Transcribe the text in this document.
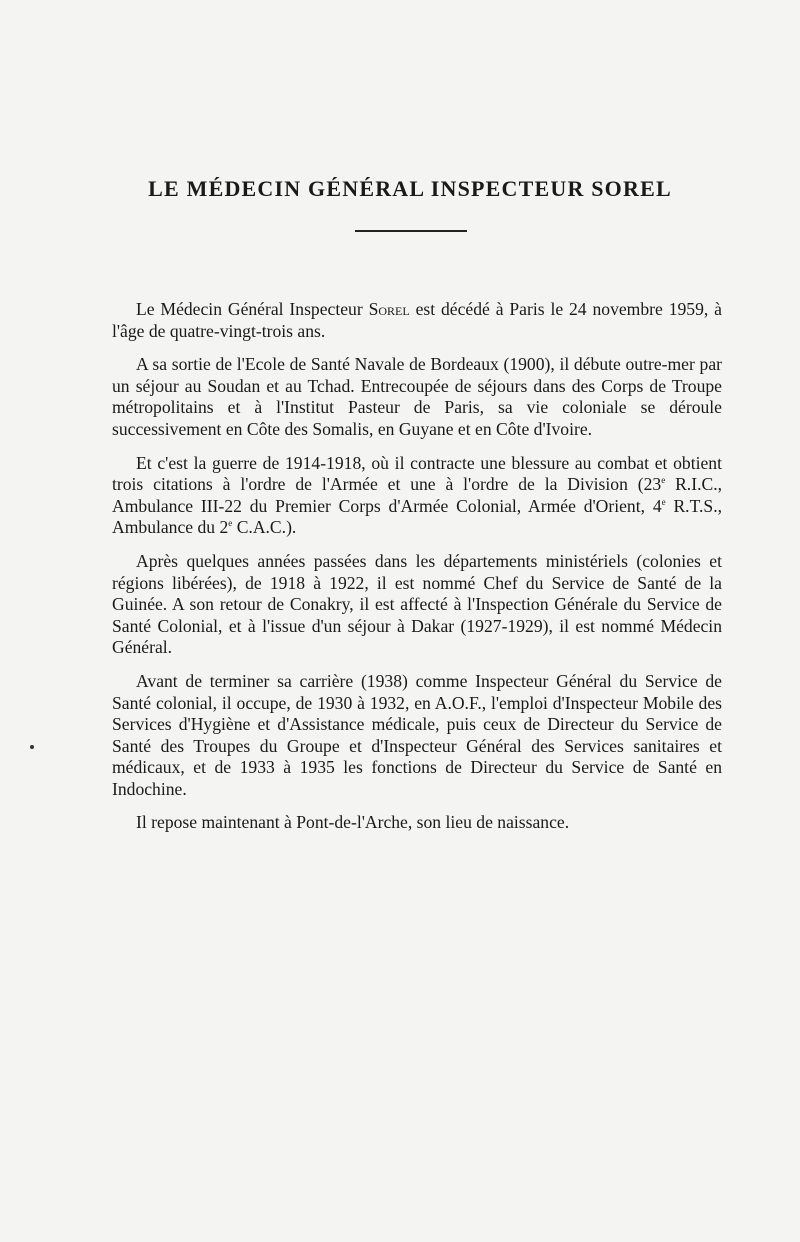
LE MÉDECIN GÉNÉRAL INSPECTEUR SOREL

Le Médecin Général Inspecteur Sorel est décédé à Paris le 24 novembre 1959, à l'âge de quatre-vingt-trois ans.

A sa sortie de l'Ecole de Santé Navale de Bordeaux (1900), il débute outre-mer par un séjour au Soudan et au Tchad. Entrecoupée de séjours dans des Corps de Troupe métropolitains et à l'Institut Pasteur de Paris, sa vie coloniale se déroule successivement en Côte des Somalis, en Guyane et en Côte d'Ivoire.

Et c'est la guerre de 1914-1918, où il contracte une blessure au combat et obtient trois citations à l'ordre de l'Armée et une à l'ordre de la Division (23e R.I.C., Ambulance III-22 du Premier Corps d'Armée Colonial, Armée d'Orient, 4e R.T.S., Ambulance du 2e C.A.C.).

Après quelques années passées dans les départements ministériels (colonies et régions libérées), de 1918 à 1922, il est nommé Chef du Service de Santé de la Guinée. A son retour de Conakry, il est affecté à l'Inspection Générale du Service de Santé Colonial, et à l'issue d'un séjour à Dakar (1927-1929), il est nommé Médecin Général.

Avant de terminer sa carrière (1938) comme Inspecteur Général du Service de Santé colonial, il occupe, de 1930 à 1932, en A.O.F., l'emploi d'Inspecteur Mobile des Services d'Hygiène et d'Assistance médicale, puis ceux de Directeur du Service de Santé des Troupes du Groupe et d'Inspecteur Général des Services sanitaires et médicaux, et de 1933 à 1935 les fonctions de Directeur du Service de Santé en Indochine.

Il repose maintenant à Pont-de-l'Arche, son lieu de naissance.
